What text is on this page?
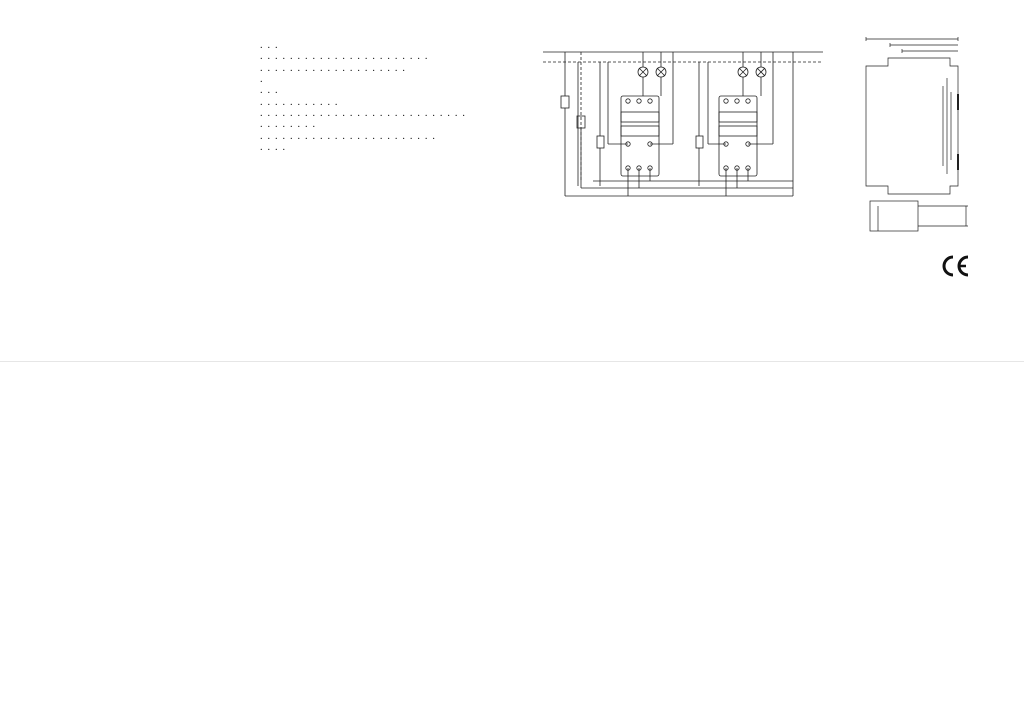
. . .
. . . . . . . . . . . . . . . . . . . . . . .
. . . . . . . . . . . . . . . . . . . .
.
. . .
. . . . . . . . . . .
. . . . . . . . . . . . . . . . . . . . . . . . . . . .
. . . . . . . .
. . . . . . . . . . . . . . . . . . . . . . . .
. . . .
